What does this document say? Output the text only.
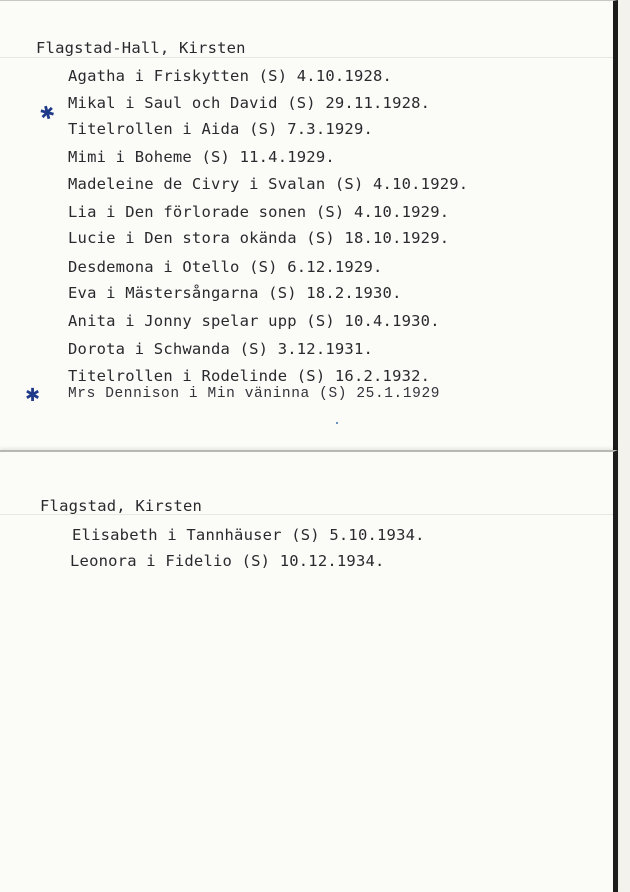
Flagstad-Hall, Kirsten
Agatha i Friskytten (S) 4.10.1928.
Mikal i Saul och David (S) 29.11.1928.
Titelrollen i Aida (S) 7.3.1929.
Mimi i Boheme (S) 11.4.1929.
Madeleine de Civry i Svalan (S) 4.10.1929.
Lia i Den förlorade sonen (S) 4.10.1929.
Lucie i Den stora okända (S) 18.10.1929.
Desdemona i Otello (S) 6.12.1929.
Eva i Mästersångarna (S) 18.2.1930.
Anita i Jonny spelar upp (S) 10.4.1930.
Dorota i Schwanda (S) 3.12.1931.
Titelrollen i Rodelinde (S) 16.2.1932.
Mrs Dennison i Min väninna (S) 25.1.1929
✱
✱
Flagstad, Kirsten
Elisabeth i Tannhäuser (S) 5.10.1934.
Leonora i Fidelio (S) 10.12.1934.
